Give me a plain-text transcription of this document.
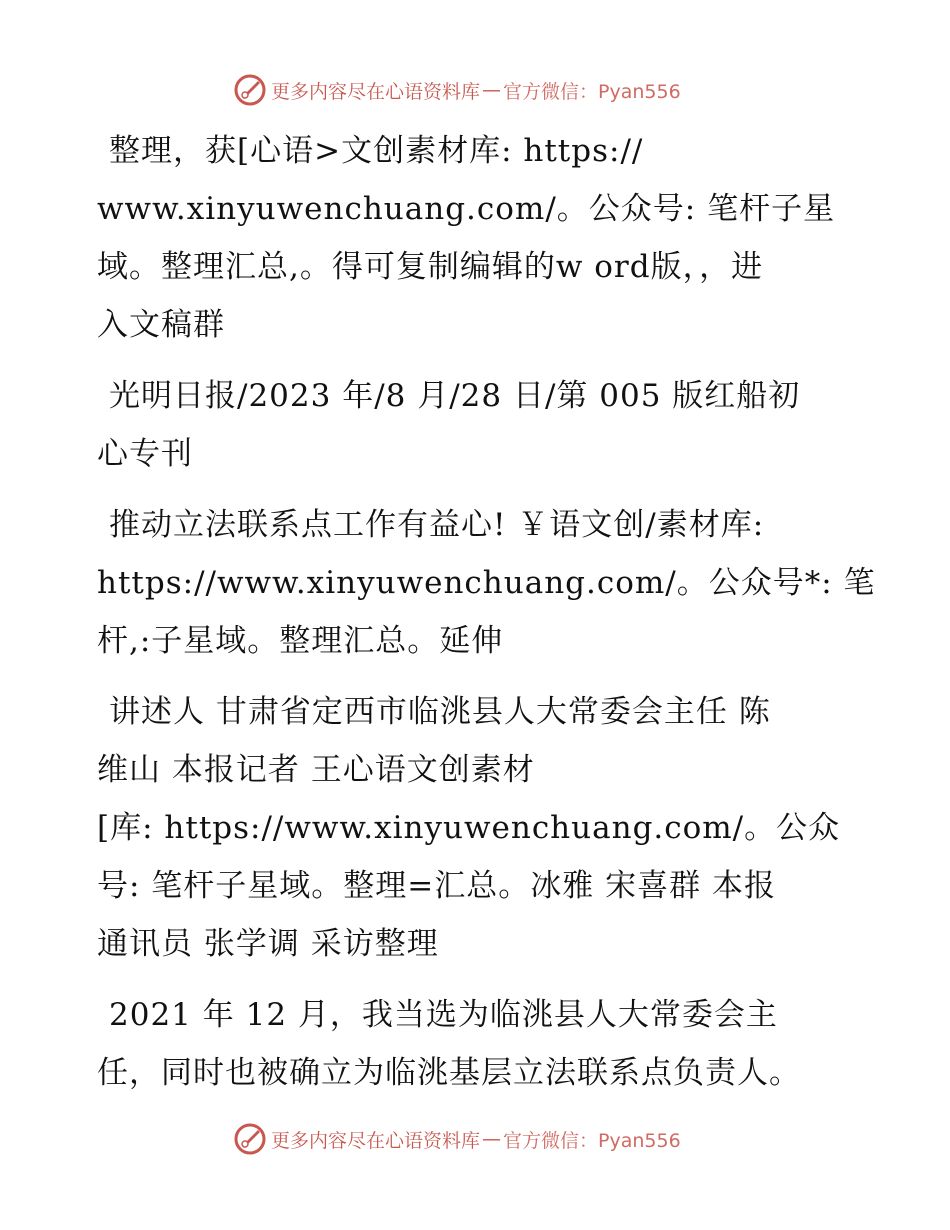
更多内容尽在心语资料库 — 官方微信：Pyan556
整理，获[心语>文创素材库: https://
www.xinyuwenchuang.com/。公众号: 笔杆子星
域。整理汇总,。得可复制编辑的w ord版，，进
入文稿群
光明日报/2023 年/8 月/28 日/第 005 版红船初
心专刊
推动立法联系点工作有益心! ￥语文创/素材库:
https://www.xinyuwenchuang.com/。公众号*: 笔
杆,:子星域。整理汇总。延伸
讲述人 甘肃省定西市临洮县人大常委会主任 陈
维山 本报记者 王心语文创素材
[库: https://www.xinyuwenchuang.com/。公众
号: 笔杆子星域。整理=汇总。冰雅 宋喜群 本报
通讯员 张学调 采访整理
2021 年 12 月，我当选为临洮县人大常委会主
任，同时也被确立为临洮基层立法联系点负责人。
更多内容尽在心语资料库 — 官方微信：Pyan556
